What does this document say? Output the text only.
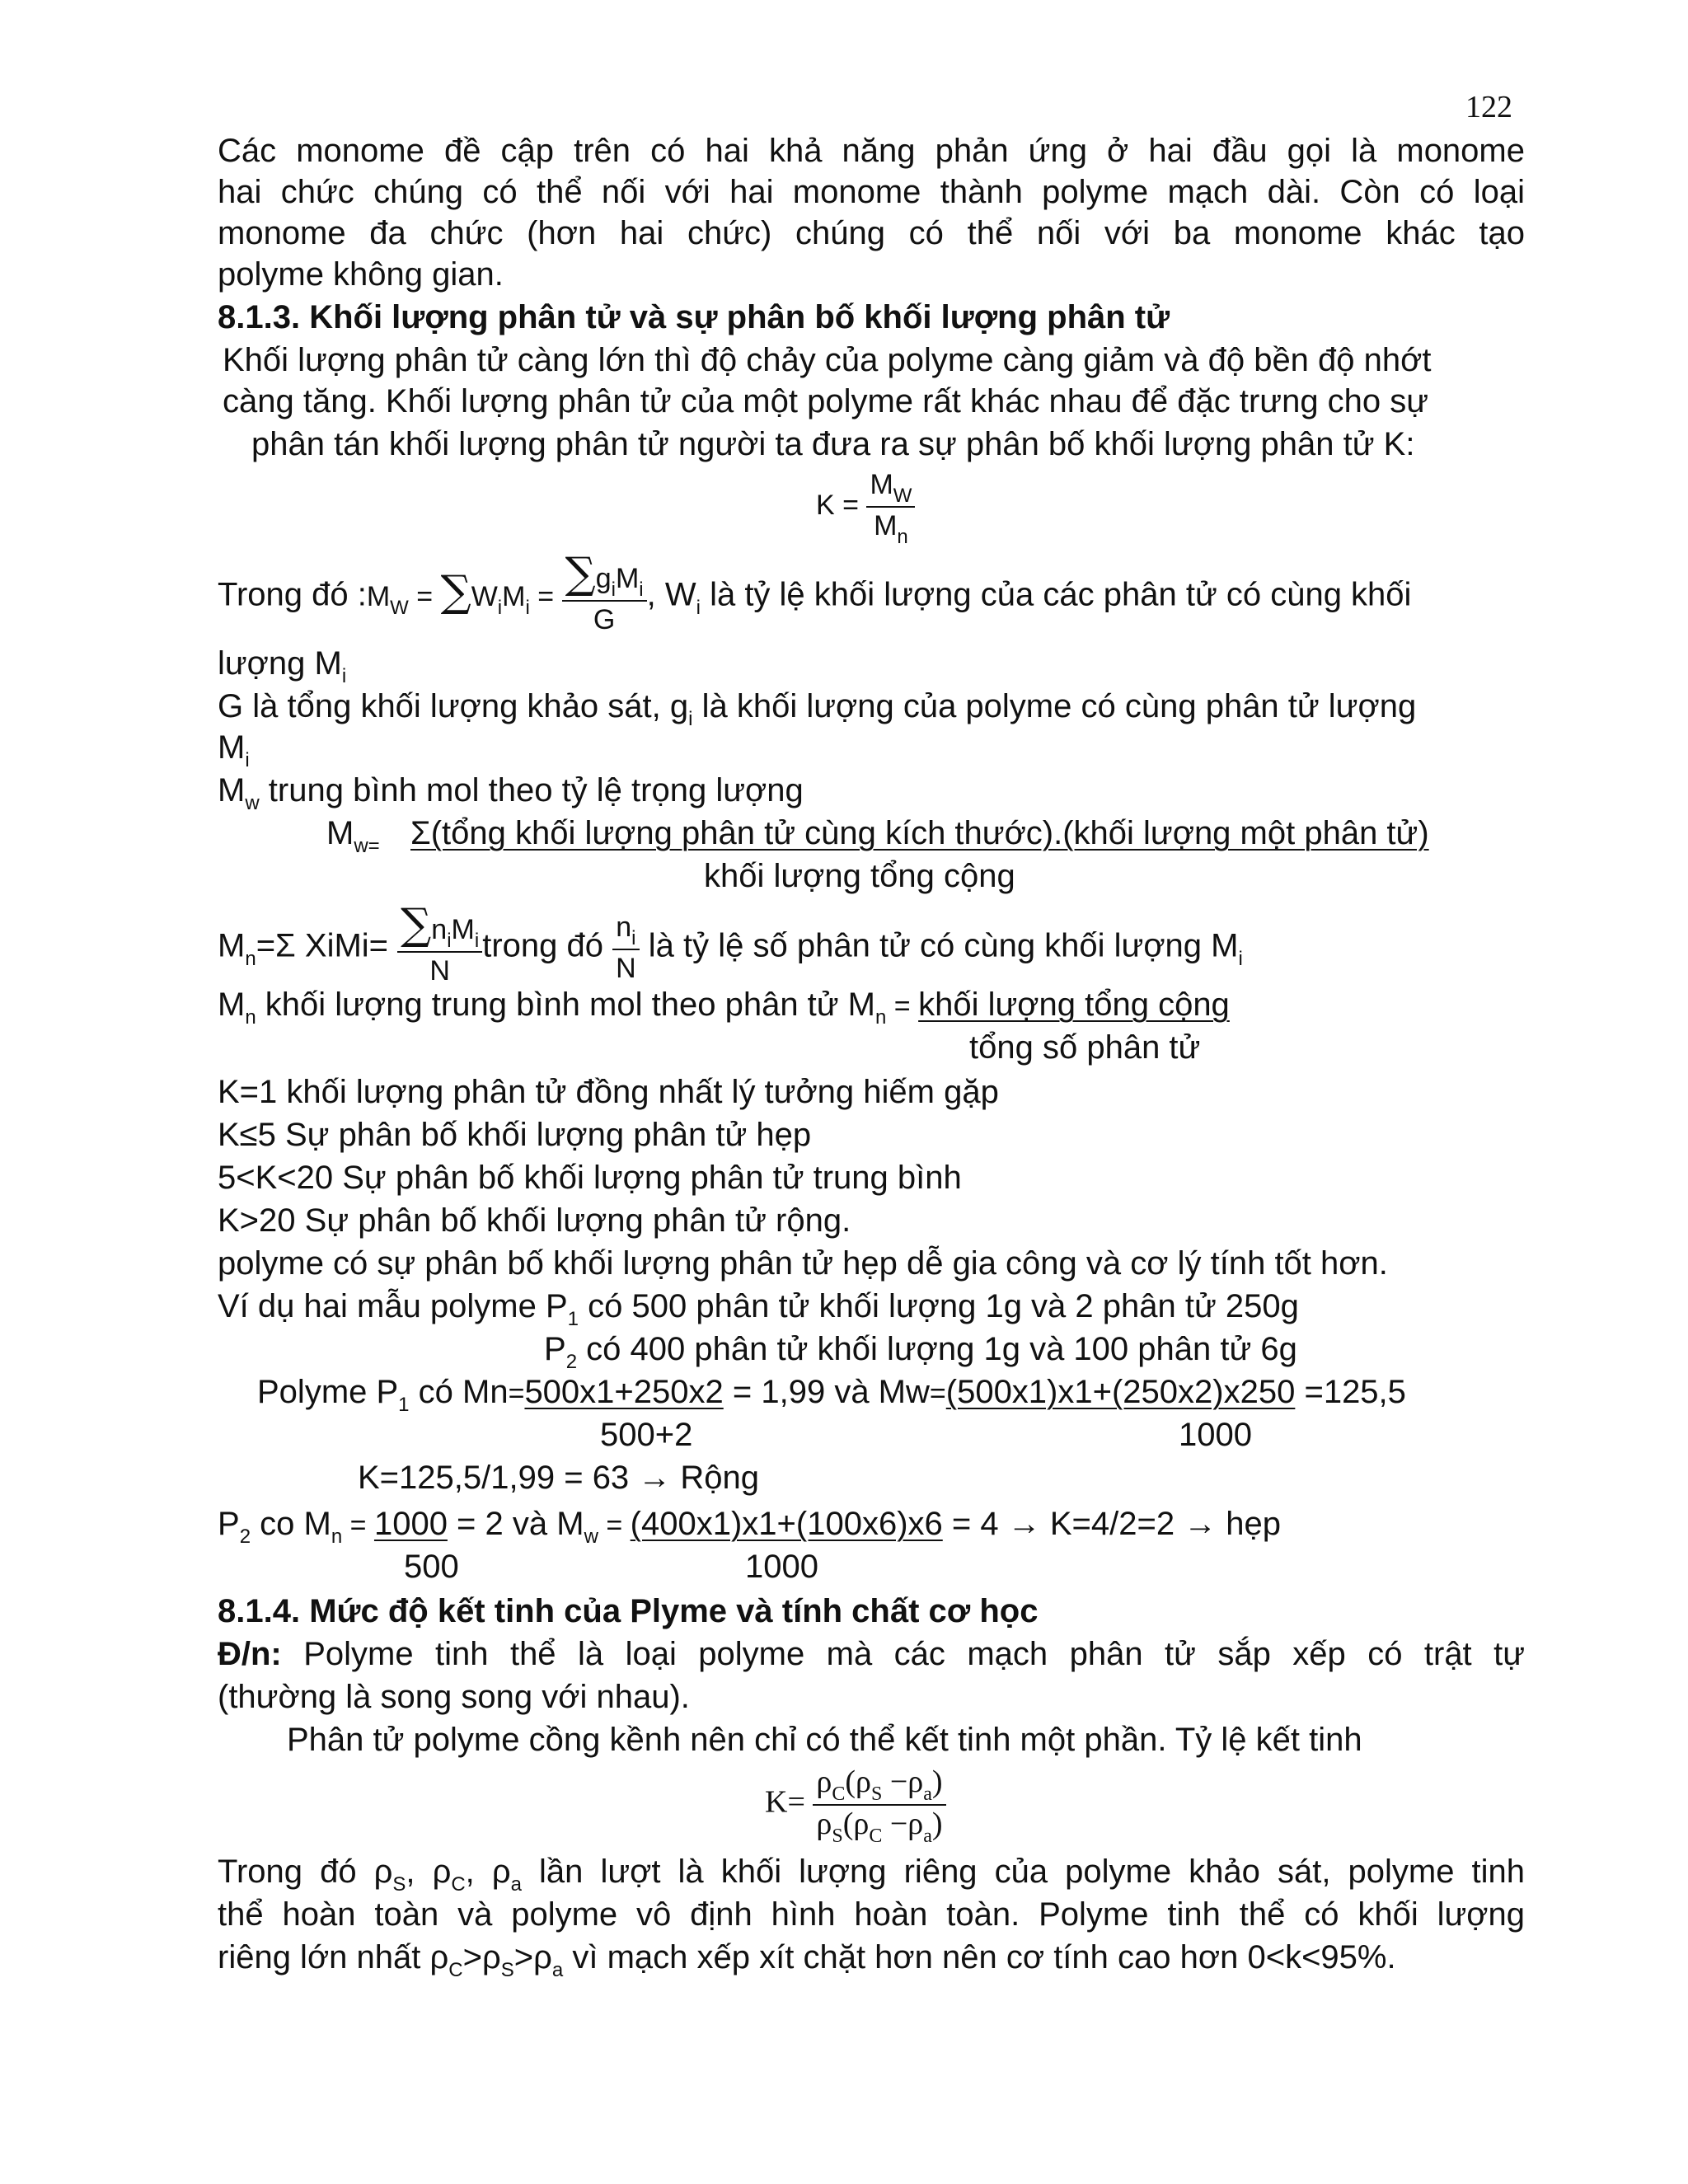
122
Các monome đề cập trên có hai khả năng phản ứng ở hai đầu gọi là monome
hai chức chúng có thể nối với hai monome thành polyme mạch dài. Còn có loại
monome đa chức (hơn hai chức) chúng có thể nối với ba monome khác tạo
polyme không gian.
8.1.3. Khối lượng phân tử và sự phân bố khối lượng phân tử
Khối lượng phân tử càng lớn thì độ chảy của polyme càng giảm và độ bền độ nhớt
càng tăng. Khối lượng phân tử của một polyme rất khác nhau để đặc trưng cho sự
phân tán khối lượng phân tử người ta đưa ra sự phân bố khối lượng phân tử K:
$K = \frac{M_W}{M_n}$
Trong đó $:M_W = \sum W_iM_i = \frac{\sum g_iM_i}{G}$ , $W_i$ là tỷ lệ khối lượng của các phân tử có cùng khối
lượng $M_i$
G là tổng khối lượng khảo sát, $g_i$ là khối lượng của polyme có cùng phân tử lượng
$M_i$
$M_w$ trung bình mol theo tỷ lệ trọng lượng
$M_{w=}$ Σ(tổng khối lượng phân tử cùng kích thước).(khối lượng một phân tử)
khối lượng tổng cộng
$M_n=\Sigma$ XiMi= $\frac{\sum n_iM_i}{N}$ trong đó $\frac{n_i}{N}$ là tỷ lệ số phân tử có cùng khối lượng $M_i$
$M_n$ khối lượng trung bình mol theo phân tử $M_n$ = khối lượng tổng cộng
tổng số phân tử
K=1 khối lượng phân tử đồng nhất lý tưởng hiếm gặp
K≤5 Sự phân bố khối lượng phân tử hẹp
5<K<20 Sự phân bố khối lượng phân tử trung bình
K>20 Sự phân bố khối lượng phân tử rộng.
polyme có sự phân bố khối lượng phân tử hẹp dễ gia công và cơ lý tính tốt hơn.
Ví dụ hai mẫu polyme $P_1$ có 500 phân tử khối lượng 1g và 2 phân tử 250g
$P_2$ có 400 phân tử khối lượng 1g và 100 phân tử 6g
Polyme $P_1$ có Mn=500x1+250x2 = 1,99 và Mw=(500x1)x1+(250x2)x250 =125,5
500+2	1000
K=125,5/1,99 = 63 → Rộng
$P_2$ co $M_n = 1000 = 2$ và $M_w = (400x1)x1+(100x6)x6 = 4 \to K=4/2=2$ → hẹp
500	1000
8.1.4. Mức độ kết tinh của Plyme và tính chất cơ học
Đ/n: Polyme tinh thể là loại polyme mà các mạch phân tử sắp xếp có trật tự
(thường là song song với nhau).
Phân tử polyme cồng kềnh nên chỉ có thể kết tinh một phần. Tỷ lệ kết tinh
$K= \frac{\rho_C(\rho_S -\rho_a)}{\rho_S(\rho_C -\rho_a)}$
Trong đó $\rho_S$, $\rho_C$, $\rho_a$ lần lượt là khối lượng riêng của polyme khảo sát, polyme tinh
thể hoàn toàn và polyme vô định hình hoàn toàn. Polyme tinh thể có khối lượng
riêng lớn nhất $\rho_C>\rho_S>\rho_a$ vì mạch xếp xít chặt hơn nên cơ tính cao hơn 0<k<95%.
